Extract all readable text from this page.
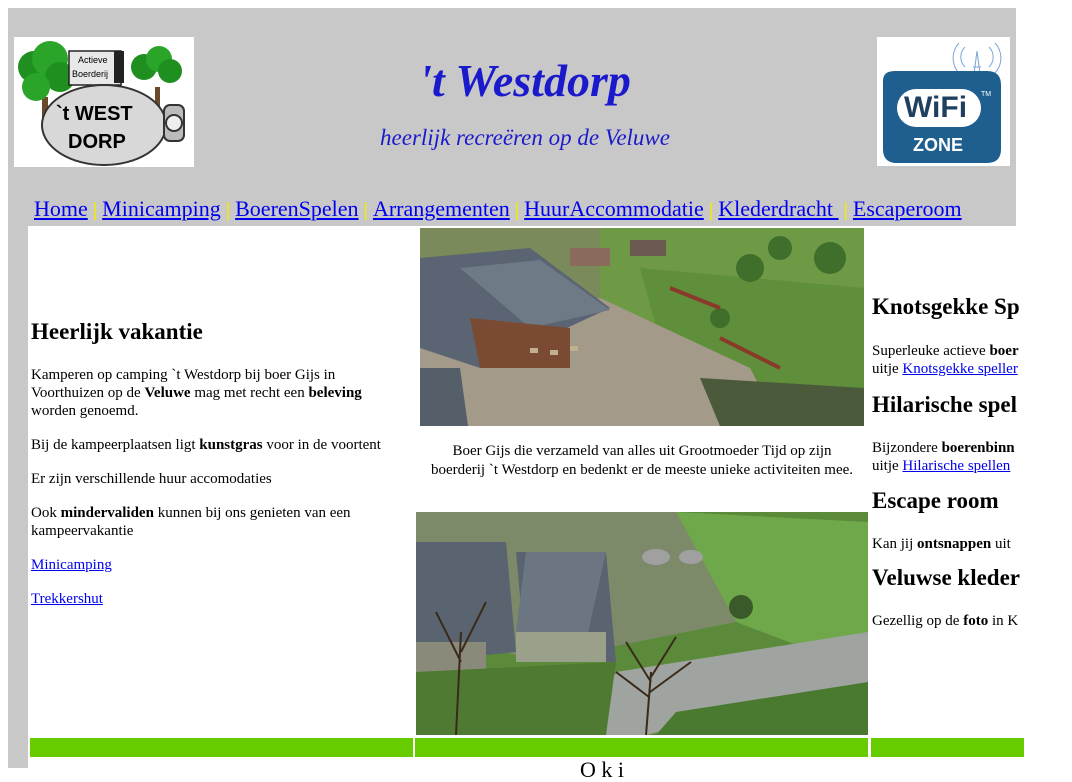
Actieve
Boerderij
`t WEST
DORP
't Westdorp
heerlijk recreëren op de Veluwe
WiFi TM
ZONE
Home | Minicamping | BoerenSpelen | Arrangementen | HuurAccommodatie | Klederdracht | Escaperoom
Heerlijk vakantie

Kamperen op camping `t Westdorp bij boer Gijs in Voorthuizen op de Veluwe mag met recht een beleving worden genoemd.

Bij de kampeerplaatsen ligt kunstgras voor in de voortent

Er zijn verschillende huur accomodaties

Ook mindervaliden kunnen bij ons genieten van een kampeervakantie

Minicamping

Trekkershut

Boer Gijs die verzameld van alles uit Grootmoeder Tijd op zijn boerderij `t Westdorp en bedenkt er de meeste unieke activiteiten mee.
Knotsgekke Sp

Superleuke actieve boer

uitje Knotsgekke speller

Hilarische spel

Bijzondere boerenbinn

uitje Hilarische spellen

Escape room

Kan jij ontsnappen uit

Veluwse kleder

Gezellig op de foto in K

O k i
